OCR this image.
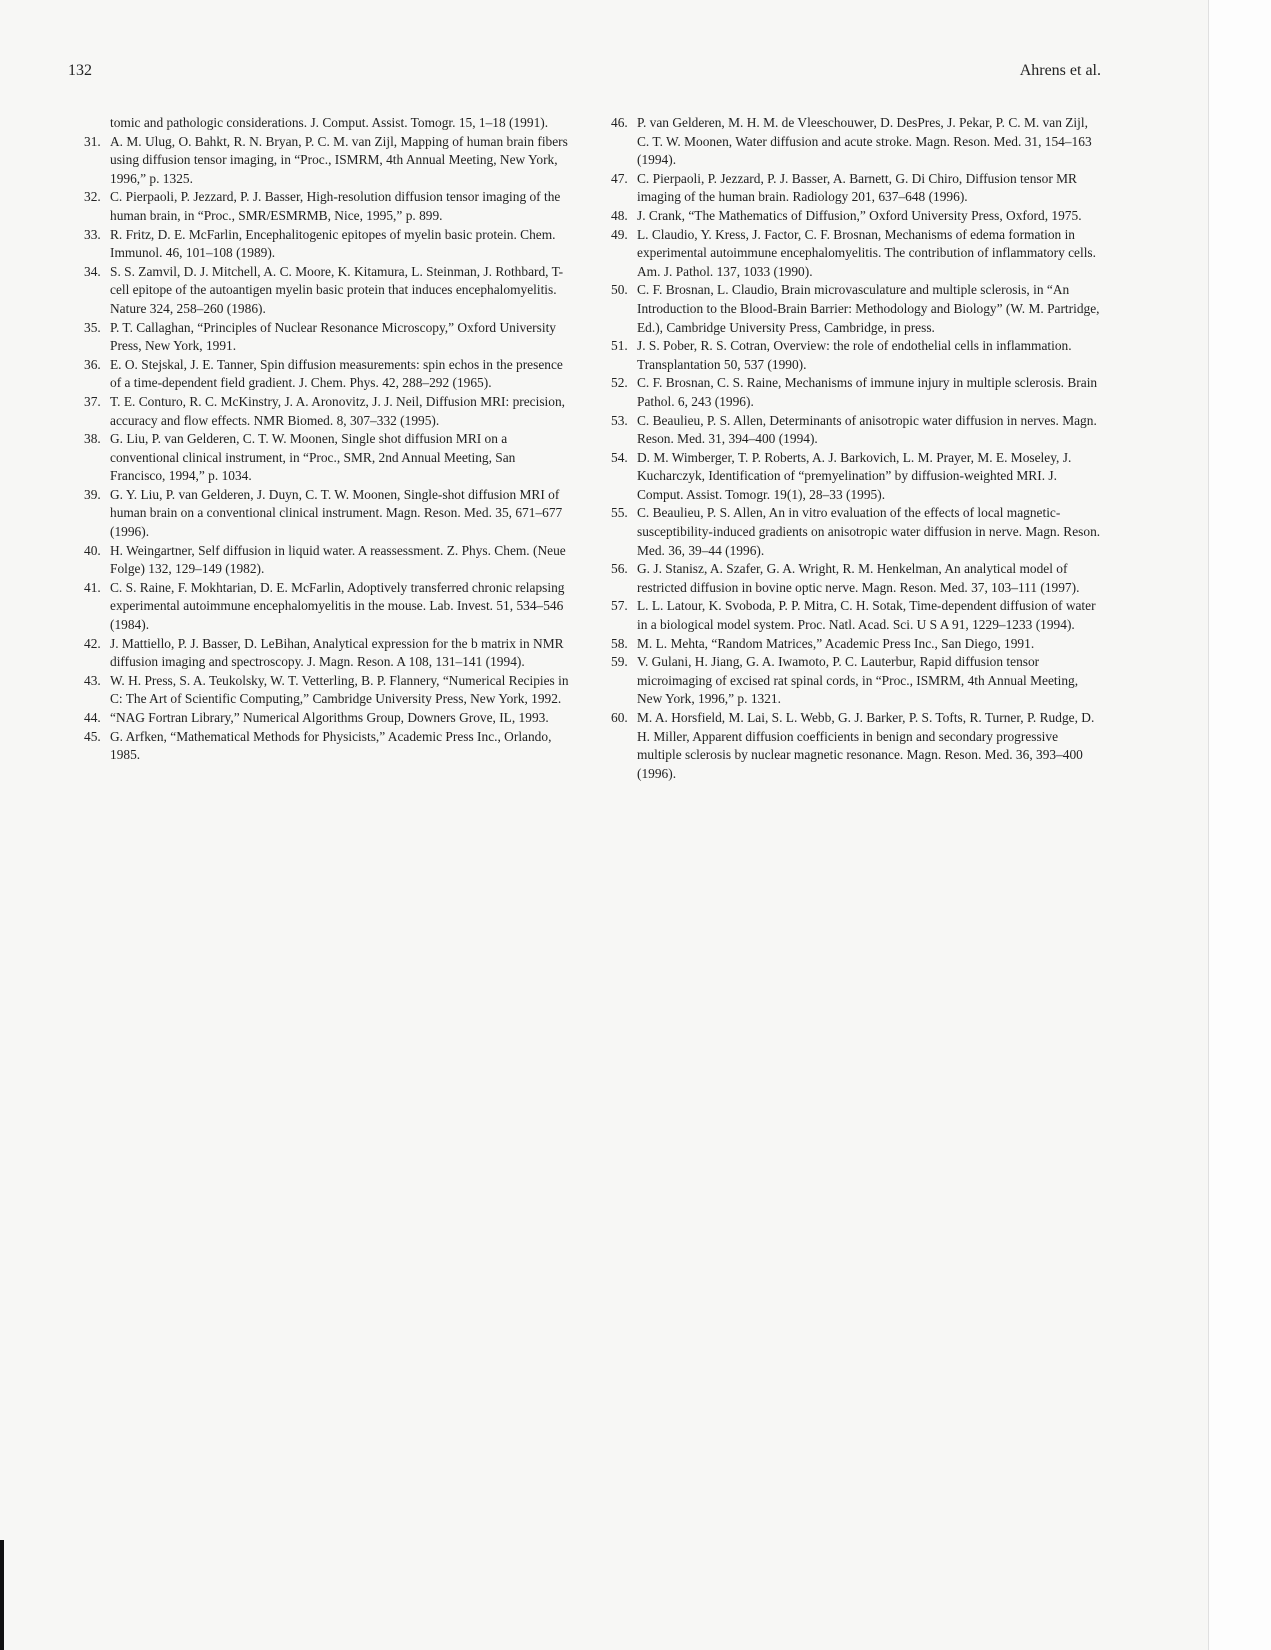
132	Ahrens et al.

tomic and pathologic considerations. J. Comput. Assist. Tomogr. 15, 1–18 (1991).

31. A. M. Ulug, O. Bahkt, R. N. Bryan, P. C. M. van Zijl, Mapping of human brain fibers using diffusion tensor imaging, in “Proc., ISMRM, 4th Annual Meeting, New York, 1996,” p. 1325.
32. C. Pierpaoli, P. Jezzard, P. J. Basser, High-resolution diffusion tensor imaging of the human brain, in “Proc., SMR/ESMRMB, Nice, 1995,” p. 899.
33. R. Fritz, D. E. McFarlin, Encephalitogenic epitopes of myelin basic protein. Chem. Immunol. 46, 101–108 (1989).
34. S. S. Zamvil, D. J. Mitchell, A. C. Moore, K. Kitamura, L. Steinman, J. Rothbard, T-cell epitope of the autoantigen myelin basic protein that induces encephalomyelitis. Nature 324, 258–260 (1986).
35. P. T. Callaghan, “Principles of Nuclear Resonance Microscopy,” Oxford University Press, New York, 1991.
36. E. O. Stejskal, J. E. Tanner, Spin diffusion measurements: spin echos in the presence of a time-dependent field gradient. J. Chem. Phys. 42, 288–292 (1965).
37. T. E. Conturo, R. C. McKinstry, J. A. Aronovitz, J. J. Neil, Diffusion MRI: precision, accuracy and flow effects. NMR Biomed. 8, 307–332 (1995).
38. G. Liu, P. van Gelderen, C. T. W. Moonen, Single shot diffusion MRI on a conventional clinical instrument, in “Proc., SMR, 2nd Annual Meeting, San Francisco, 1994,” p. 1034.
39. G. Y. Liu, P. van Gelderen, J. Duyn, C. T. W. Moonen, Single-shot diffusion MRI of human brain on a conventional clinical instrument. Magn. Reson. Med. 35, 671–677 (1996).
40. H. Weingartner, Self diffusion in liquid water. A reassessment. Z. Phys. Chem. (Neue Folge) 132, 129–149 (1982).
41. C. S. Raine, F. Mokhtarian, D. E. McFarlin, Adoptively transferred chronic relapsing experimental autoimmune encephalomyelitis in the mouse. Lab. Invest. 51, 534–546 (1984).
42. J. Mattiello, P. J. Basser, D. LeBihan, Analytical expression for the b matrix in NMR diffusion imaging and spectroscopy. J. Magn. Reson. A 108, 131–141 (1994).
43. W. H. Press, S. A. Teukolsky, W. T. Vetterling, B. P. Flannery, “Numerical Recipies in C: The Art of Scientific Computing,” Cambridge University Press, New York, 1992.
44. “NAG Fortran Library,” Numerical Algorithms Group, Downers Grove, IL, 1993.
45. G. Arfken, “Mathematical Methods for Physicists,” Academic Press Inc., Orlando, 1985.
46. P. van Gelderen, M. H. M. de Vleeschouwer, D. DesPres, J. Pekar, P. C. M. van Zijl, C. T. W. Moonen, Water diffusion and acute stroke. Magn. Reson. Med. 31, 154–163 (1994).
47. C. Pierpaoli, P. Jezzard, P. J. Basser, A. Barnett, G. Di Chiro, Diffusion tensor MR imaging of the human brain. Radiology 201, 637–648 (1996).
48. J. Crank, “The Mathematics of Diffusion,” Oxford University Press, Oxford, 1975.
49. L. Claudio, Y. Kress, J. Factor, C. F. Brosnan, Mechanisms of edema formation in experimental autoimmune encephalomyelitis. The contribution of inflammatory cells. Am. J. Pathol. 137, 1033 (1990).
50. C. F. Brosnan, L. Claudio, Brain microvasculature and multiple sclerosis, in “An Introduction to the Blood-Brain Barrier: Methodology and Biology” (W. M. Partridge, Ed.), Cambridge University Press, Cambridge, in press.
51. J. S. Pober, R. S. Cotran, Overview: the role of endothelial cells in inflammation. Transplantation 50, 537 (1990).
52. C. F. Brosnan, C. S. Raine, Mechanisms of immune injury in multiple sclerosis. Brain Pathol. 6, 243 (1996).
53. C. Beaulieu, P. S. Allen, Determinants of anisotropic water diffusion in nerves. Magn. Reson. Med. 31, 394–400 (1994).
54. D. M. Wimberger, T. P. Roberts, A. J. Barkovich, L. M. Prayer, M. E. Moseley, J. Kucharczyk, Identification of “premyelination” by diffusion-weighted MRI. J. Comput. Assist. Tomogr. 19(1), 28–33 (1995).
55. C. Beaulieu, P. S. Allen, An in vitro evaluation of the effects of local magnetic-susceptibility-induced gradients on anisotropic water diffusion in nerve. Magn. Reson. Med. 36, 39–44 (1996).
56. G. J. Stanisz, A. Szafer, G. A. Wright, R. M. Henkelman, An analytical model of restricted diffusion in bovine optic nerve. Magn. Reson. Med. 37, 103–111 (1997).
57. L. L. Latour, K. Svoboda, P. P. Mitra, C. H. Sotak, Time-dependent diffusion of water in a biological model system. Proc. Natl. Acad. Sci. U S A 91, 1229–1233 (1994).
58. M. L. Mehta, “Random Matrices,” Academic Press Inc., San Diego, 1991.
59. V. Gulani, H. Jiang, G. A. Iwamoto, P. C. Lauterbur, Rapid diffusion tensor microimaging of excised rat spinal cords, in “Proc., ISMRM, 4th Annual Meeting, New York, 1996,” p. 1321.
60. M. A. Horsfield, M. Lai, S. L. Webb, G. J. Barker, P. S. Tofts, R. Turner, P. Rudge, D. H. Miller, Apparent diffusion coefficients in benign and secondary progressive multiple sclerosis by nuclear magnetic resonance. Magn. Reson. Med. 36, 393–400 (1996).
